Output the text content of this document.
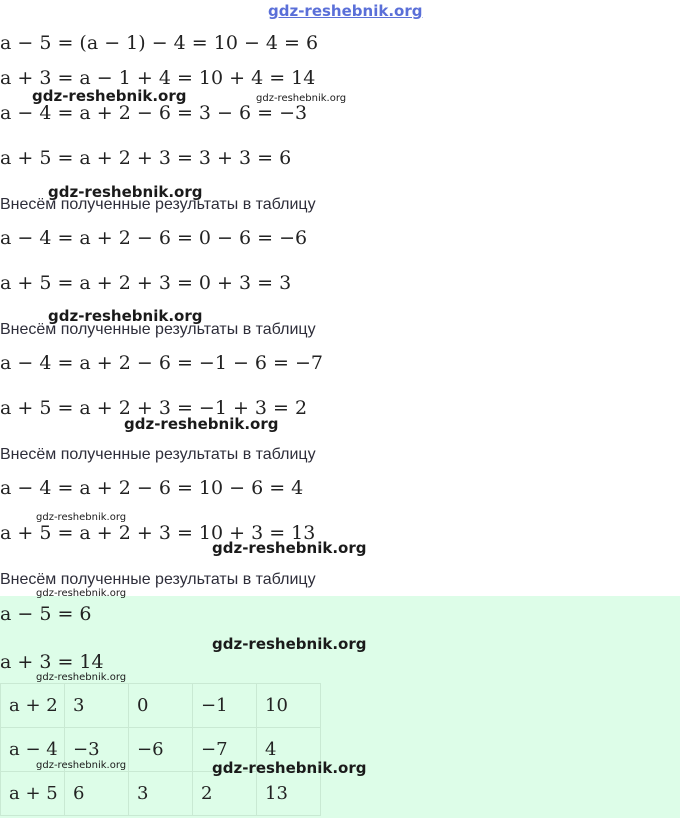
gdz-reshebnik.org
a − 5 = (a − 1) − 4 = 10 − 4 = 6
a + 3 = a − 1 + 4 = 10 + 4 = 14
gdz-reshebnik.org	gdz-reshebnik.org
a − 4 = a + 2 − 6 = 3 − 6 = −3
a + 5 = a + 2 + 3 = 3 + 3 = 6
gdz-reshebnik.org
Внесём полученные результаты в таблицу
a − 4 = a + 2 − 6 = 0 − 6 = −6
a + 5 = a + 2 + 3 = 0 + 3 = 3
gdz-reshebnik.org
Внесём полученные результаты в таблицу
a − 4 = a + 2 − 6 = −1 − 6 = −7
a + 5 = a + 2 + 3 = −1 + 3 = 2
gdz-reshebnik.org
Внесём полученные результаты в таблицу
a − 4 = a + 2 − 6 = 10 − 6 = 4
gdz-reshebnik.org
a + 5 = a + 2 + 3 = 10 + 3 = 13
gdz-reshebnik.org
Внесём полученные результаты в таблицу
gdz-reshebnik.org
a − 5 = 6
gdz-reshebnik.org
a + 3 = 14
gdz-reshebnik.org
a + 2	3	0	−1	10
a − 4	−3	−6	−7	4
a + 5	6	3	2	13
gdz-reshebnik.org	gdz-reshebnik.org
